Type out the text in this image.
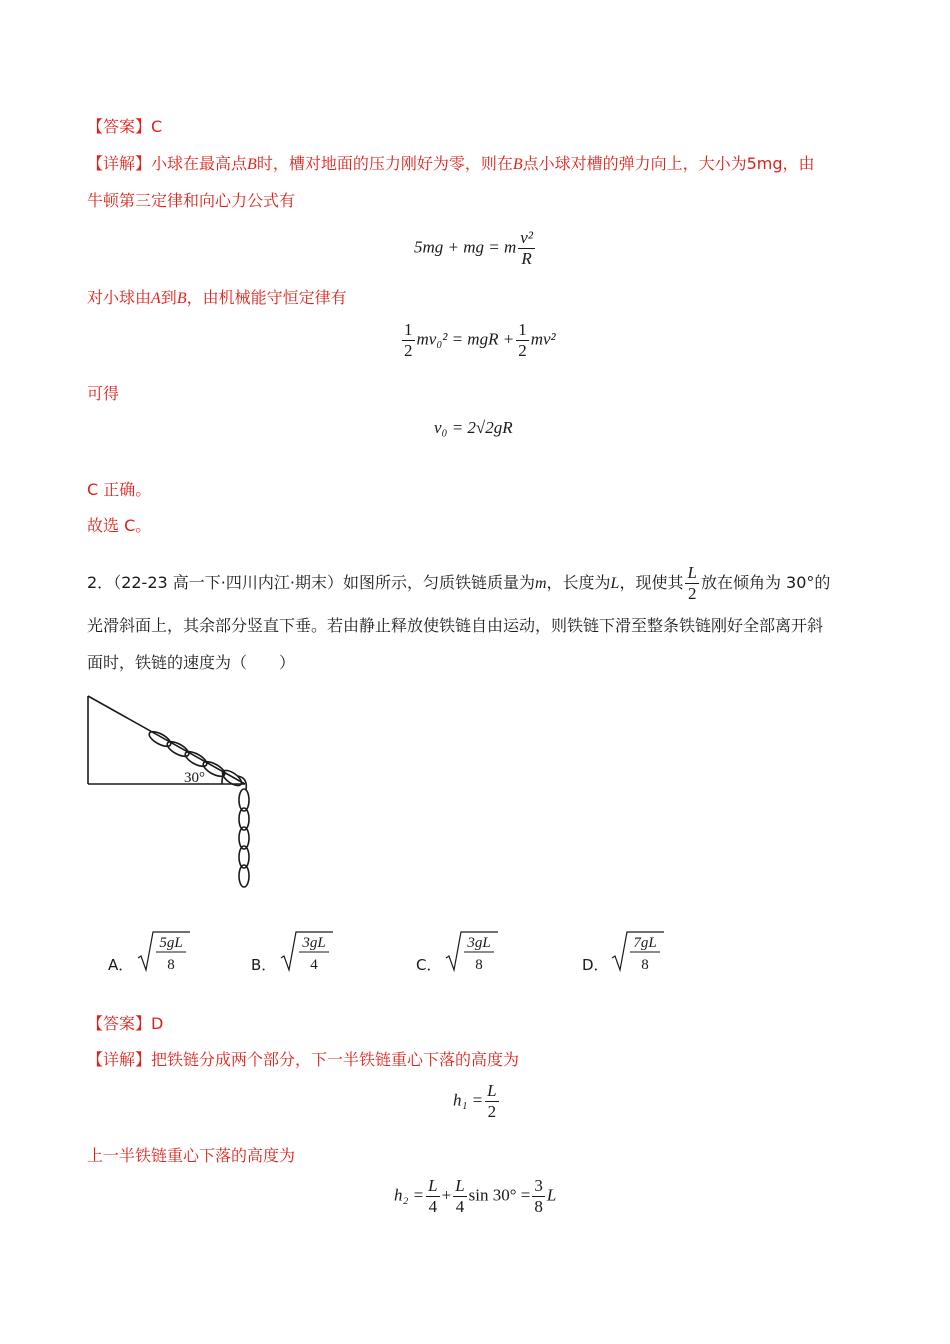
【答案】C
【详解】小球在最高点B时，槽对地面的压力刚好为零，则在B点小球对槽的弹力向上，大小为5mg，由
牛顿第三定律和向心力公式有
5mg + mg = m $\frac{\text{v²}}{R}$
对小球由A到B，由机械能守恒定律有
$\frac{1}{2} mv_0^2$ = mgR + $\frac{1}{2} mv^2$
可得
v₀ = 2√2gR
C 正确。
故选 C。
2．（22-23 高一下·四川内江·期末）如图所示，匀质铁链质量为m，长度为L，现使其 $\frac{L}{2}$ 放在倾角为 30°的
光滑斜面上，其余部分竖直下垂。若由静止释放使铁链自由运动，则铁链下滑至整条铁链刚好全部离开斜
面时，铁链的速度为（　　）
30°
A．
5gL
8	B．
3gL
4	C．
3gL
8	D．
7gL
8
【答案】D
【详解】把铁链分成两个部分，下一半铁链重心下落的高度为
$h_1 = \frac{L}{2}$
上一半铁链重心下落的高度为
$h_2 = \frac{L}{4} + \frac{L}{4}$ $\sin 30^\circ = \frac{3}{8}$ L
